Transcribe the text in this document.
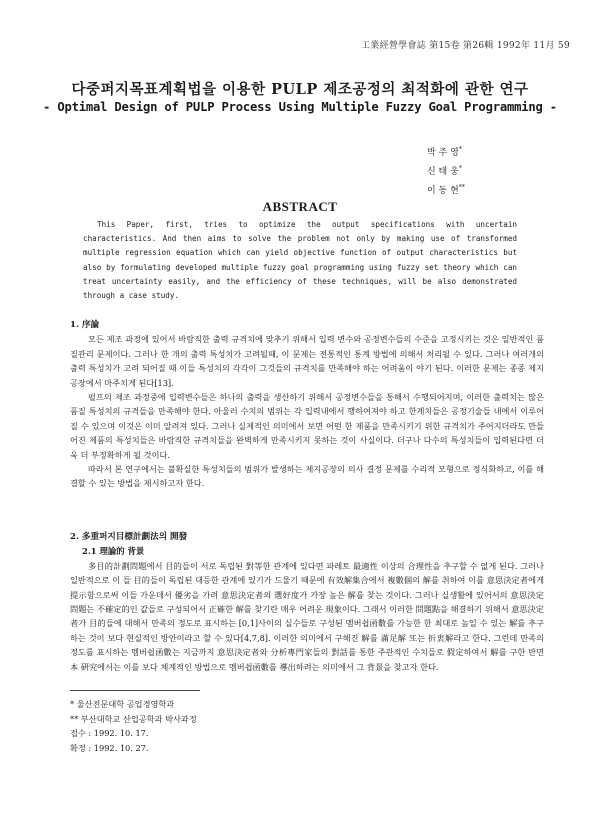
工業經營學會誌 第15卷 第26輯 1992年 11月 59
다중퍼지목표계획법을 이용한 PULP 제조공정의 최적화에 관한 연구
- Optimal Design of PULP Process Using Multiple Fuzzy Goal Programming -
박 주 영*
신 태 웅*
이 동 현**
ABSTRACT
This Paper, first, tries to optimize the output specifications with uncertain characteristics. And then aims to solve the problem not only by making use of transformed multiple regression equation which can yield objective function of output characteristics but also by formulating developed multiple fuzzy goal programming using fuzzy set theory which can treat uncertainty easily, and the efficiency of these techniques, will be also demonstrated through a case study.
1. 序論

모든 제조 과정에 있어서 바람직한 출력 규격치에 맞추기 위해서 입력 변수와 공정변수들의 수준을 고정시키는 것은 일반적인 품질관리 문제이다. 그러나 한 개의 출력 특성치가 고려될때, 이 문제는 전통적인 통계 방법에 의해서 처리될 수 있다. 그러나 여러개의 출력 특성치가 고려 되어질 때 이들 특성치의 각각이 그것들의 규격치를 만족해야 하는 어려움이 야기 된다. 이러한 문제는 종종 제지공장에서 마주치게 된다[13].

펄프의 제조 과정중에 입력변수들은 하나의 출력을 생산하기 위해서 공정변수들을 통해서 수행되어지며, 이러한 출력치는 많은 품질 특성치의 규격들을 만족해야 한다. 아울러 수치의 범위는 각 입력내에서 행하여져야 하고 한계치들은 공정기술들 내에서 이루어 질 수 있으며 이것은 이미 알려져 있다. 그러나 실제적인 의미에서 보면 어떤 한 제품을 만족시키기 위한 규격치가 주어지더라도 만들어진 제품의 특성치들은 바람직한 규격치들을 완벽하게 만족시키지 못하는 것이 사실이다. 더구나 다수의 특성치들이 입력된다면 더욱 더 부정확하게 될 것이다.

따라서 본 연구에서는 불확실한 특성치들의 범위가 발생하는 제지공장의 의사 결정 문제를 수리적 모형으로 정식화하고, 이를 해결할 수 있는 방법을 제시하고자 한다.

2. 多重퍼지目標計劃法의 開發
2.1 理論的 背景

多目的計劃問題에서 目的들이 서로 독립된 對等한 관계에 있다면 파레토 最適性 이상의 合理性을 추구할 수 없게 된다. 그러나 일반적으로 이 들 目的들이 독립된 대등한 관계에 있기가 드물기 때문에 有效解集合에서 複數個의 解를 취하여 이를 意思決定者에게 提示함으로써 이들 가운데서 優劣을 가려 意思決定者의 選好度가 가장 높은 解를 찾는 것이다. 그러나 실생활에 있어서의 意思決定 問題는 不確定的인 값들로 구성되어서 正確한 解를 찾기란 매우 어려운 現象이다. 그래서 이러한 問題點을 해결하기 위해서 意思決定者가 目的들에 대해서 만족의 정도로 표시하는 [0,1]사이의 실수들로 구성된 멤버쉽函數를 가능한 한 최대로 높일 수 있는 解를 추구하는 것이 보다 현실적인 방안이라고 할 수 있다[4,7,8]. 이러한 의미에서 구해진 解를 滿足解 또는 折衷解라고 한다. 그런데 만족의 정도를 표시하는 멤버쉽函數는 지금까지 意思決定者와 分析專門家들의 對話를 통한 주관적인 수치들로 假定하여서 解를 구한 반면 本 硏究에서는 이를 보다 체계적인 방법으로 멤버쉽函數를 導出하려는 의미에서 그 背景을 찾고자 한다.

* 울산전문대학 공업경영학과
** 부산대학교 산업공학과 박사과정
접수 : 1992. 10. 17.
확정 : 1992. 10. 27.
